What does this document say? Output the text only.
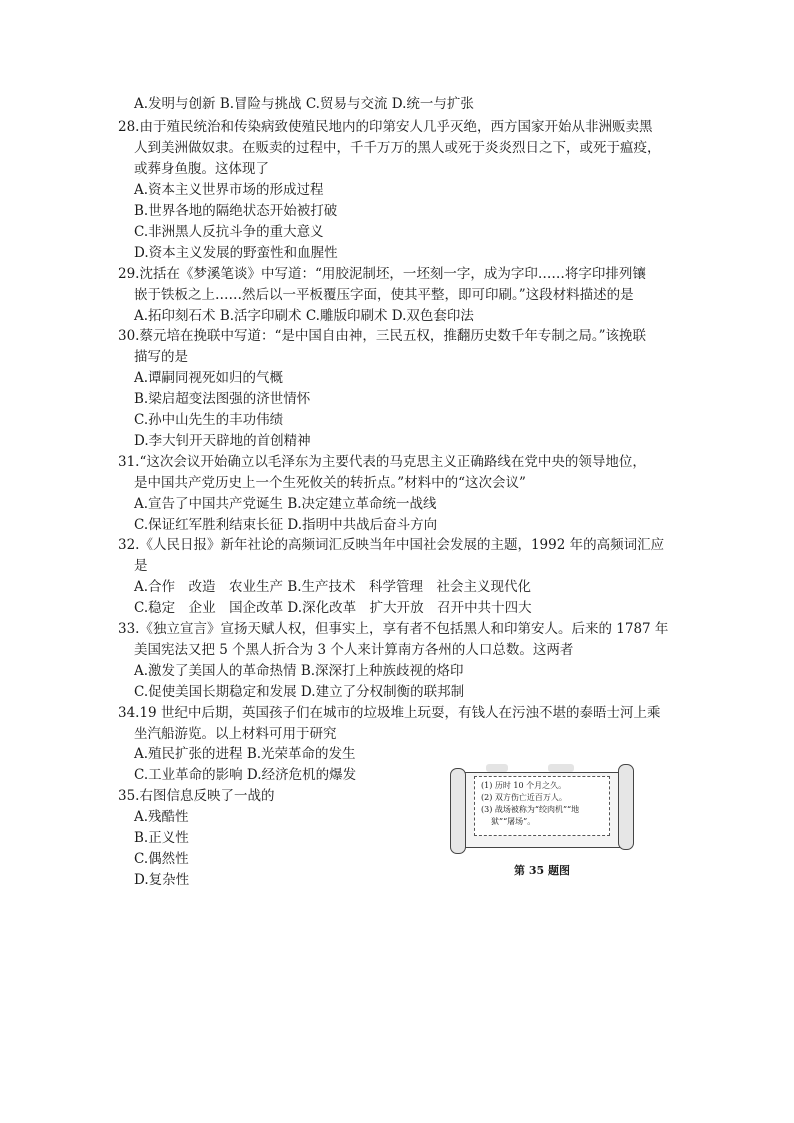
A.发明与创新 B.冒险与挑战 C.贸易与交流 D.统一与扩张
28.由于殖民统治和传染病致使殖民地内的印第安人几乎灭绝，西方国家开始从非洲贩卖黑
人到美洲做奴隶。在贩卖的过程中，千千万万的黑人或死于炎炎烈日之下，或死于瘟疫，
或葬身鱼腹。这体现了
A.资本主义世界市场的形成过程
B.世界各地的隔绝状态开始被打破
C.非洲黑人反抗斗争的重大意义
D.资本主义发展的野蛮性和血腥性
29.沈括在《梦溪笔谈》中写道：“用胶泥制坯，一坯刻一字，成为字印……将字印排列镶
嵌于铁板之上……然后以一平板覆压字面，使其平整，即可印刷。”这段材料描述的是
A.拓印刻石术 B.活字印刷术 C.雕版印刷术 D.双色套印法
30.蔡元培在挽联中写道：“是中国自由神，三民五权，推翻历史数千年专制之局。”该挽联
描写的是
A.谭嗣同视死如归的气概
B.梁启超变法图强的济世情怀
C.孙中山先生的丰功伟绩
D.李大钊开天辟地的首创精神
31.“这次会议开始确立以毛泽东为主要代表的马克思主义正确路线在党中央的领导地位，
是中国共产党历史上一个生死攸关的转折点。”材料中的“这次会议”
A.宣告了中国共产党诞生 B.决定建立革命统一战线
C.保证红军胜利结束长征 D.指明中共战后奋斗方向
32.《人民日报》新年社论的高频词汇反映当年中国社会发展的主题，1992 年的高频词汇应
是
A.合作　改造　农业生产 B.生产技术　科学管理　社会主义现代化
C.稳定　企业　国企改革 D.深化改革　扩大开放　召开中共十四大
33.《独立宣言》宣扬天赋人权，但事实上，享有者不包括黑人和印第安人。后来的 1787 年
美国宪法又把 5 个黑人折合为 3 个人来计算南方各州的人口总数。这两者
A.激发了美国人的革命热情 B.深深打上种族歧视的烙印
C.促使美国长期稳定和发展 D.建立了分权制衡的联邦制
34.19 世纪中后期，英国孩子们在城市的垃圾堆上玩耍，有钱人在污浊不堪的泰晤士河上乘
坐汽船游览。以上材料可用于研究
A.殖民扩张的进程 B.光荣革命的发生
C.工业革命的影响 D.经济危机的爆发
35.右图信息反映了一战的
A.残酷性
B.正义性
C.偶然性
D.复杂性
(1) 历时 10 个月之久。
(2) 双方伤亡近百万人。
(3) 战场被称为“绞肉机”“地
狱”“屠场”。
第 35 题图
